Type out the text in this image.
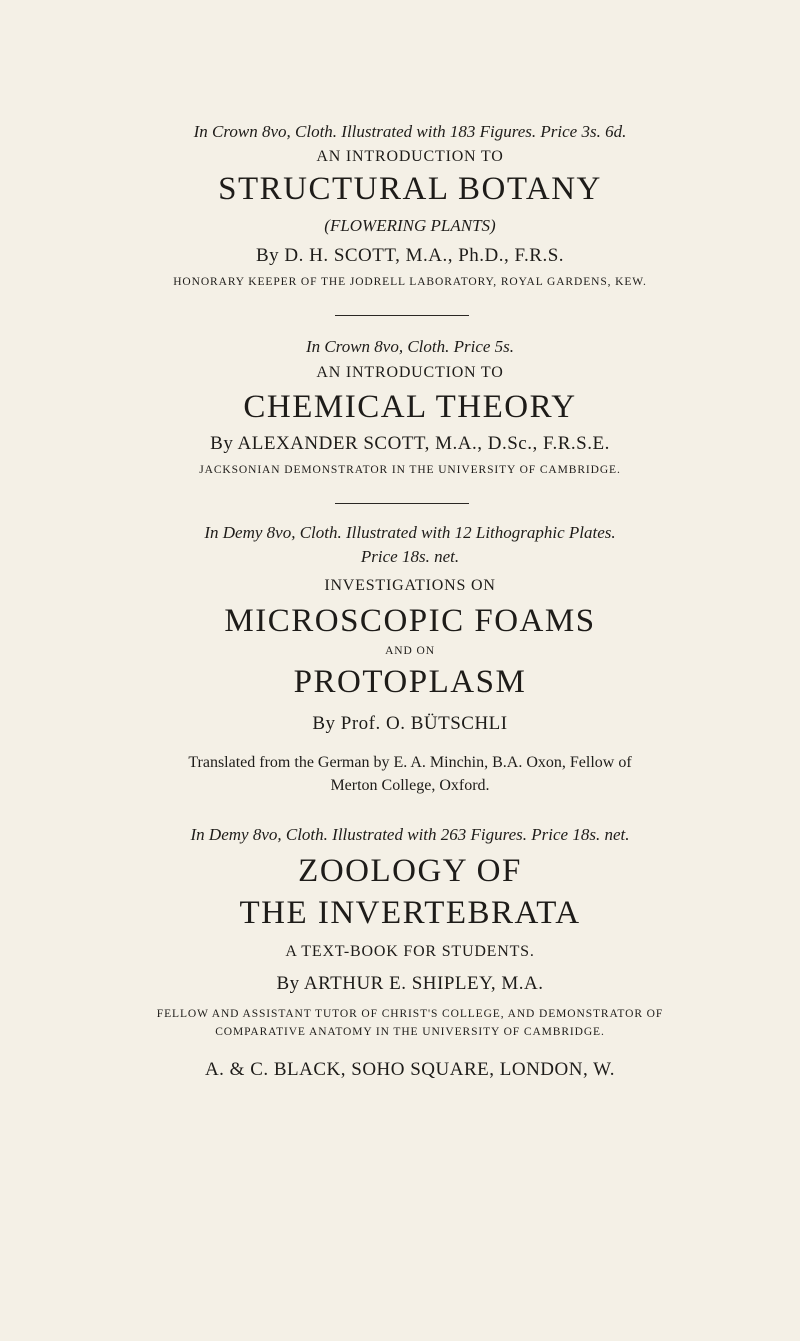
In Crown 8vo, Cloth. Illustrated with 183 Figures. Price 3s. 6d.
AN INTRODUCTION TO
STRUCTURAL BOTANY
(FLOWERING PLANTS)
By D. H. SCOTT, M.A., Ph.D., F.R.S.
HONORARY KEEPER OF THE JODRELL LABORATORY, ROYAL GARDENS, KEW.
In Crown 8vo, Cloth. Price 5s.
AN INTRODUCTION TO
CHEMICAL THEORY
By ALEXANDER SCOTT, M.A., D.Sc., F.R.S.E.
JACKSONIAN DEMONSTRATOR IN THE UNIVERSITY OF CAMBRIDGE.
In Demy 8vo, Cloth. Illustrated with 12 Lithographic Plates.
Price 18s. net.
INVESTIGATIONS ON
MICROSCOPIC FOAMS
AND ON
PROTOPLASM
By Prof. O. BÜTSCHLI
Translated from the German by E. A. Minchin, B.A. Oxon, Fellow of
Merton College, Oxford.
In Demy 8vo, Cloth. Illustrated with 263 Figures. Price 18s. net.
ZOOLOGY OF
THE INVERTEBRATA
A TEXT-BOOK FOR STUDENTS.
By ARTHUR E. SHIPLEY, M.A.
FELLOW AND ASSISTANT TUTOR OF CHRIST'S COLLEGE, AND DEMONSTRATOR OF
COMPARATIVE ANATOMY IN THE UNIVERSITY OF CAMBRIDGE.
A. & C. BLACK, SOHO SQUARE, LONDON, W.
